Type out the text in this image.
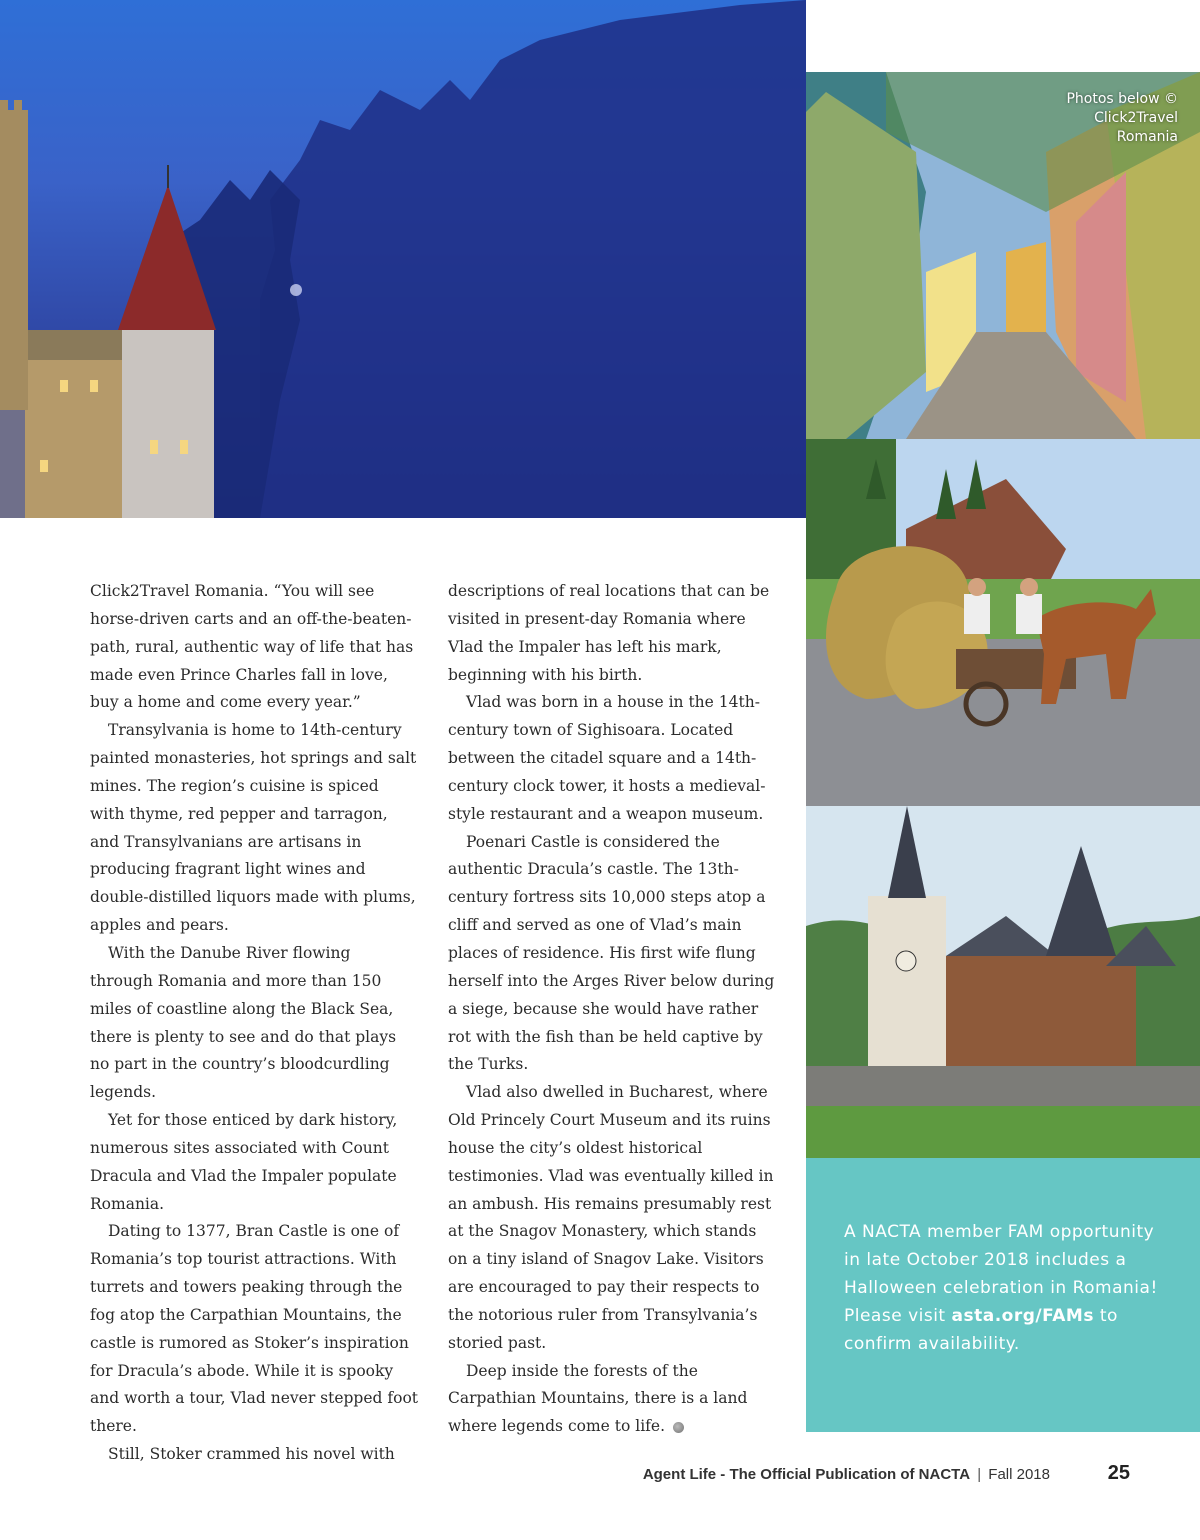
Photos below © Click2Travel Romania

Click2Travel Romania. “You will see horse-driven carts and an off-the-beaten-path, rural, authentic way of life that has made even Prince Charles fall in love, buy a home and come every year.”

Transylvania is home to 14th-century painted monasteries, hot springs and salt mines. The region’s cuisine is spiced with thyme, red pepper and tarragon, and Transylvanians are artisans in producing fragrant light wines and double-distilled liquors made with plums, apples and pears.

With the Danube River flowing through Romania and more than 150 miles of coastline along the Black Sea, there is plenty to see and do that plays no part in the country’s bloodcurdling legends.

Yet for those enticed by dark history, numerous sites associated with Count Dracula and Vlad the Impaler populate Romania.

Dating to 1377, Bran Castle is one of Romania’s top tourist attractions. With turrets and towers peaking through the fog atop the Carpathian Mountains, the castle is rumored as Stoker’s inspiration for Dracula’s abode. While it is spooky and worth a tour, Vlad never stepped foot there.

Still, Stoker crammed his novel with

descriptions of real locations that can be visited in present-day Romania where Vlad the Impaler has left his mark, beginning with his birth.

Vlad was born in a house in the 14th-century town of Sighisoara. Located between the citadel square and a 14th-century clock tower, it hosts a medieval-style restaurant and a weapon museum.

Poenari Castle is considered the authentic Dracula’s castle. The 13th-century fortress sits 10,000 steps atop a cliff and served as one of Vlad’s main places of residence. His first wife flung herself into the Arges River below during a siege, because she would have rather rot with the fish than be held captive by the Turks.

Vlad also dwelled in Bucharest, where Old Princely Court Museum and its ruins house the city’s oldest historical testimonies. Vlad was eventually killed in an ambush. His remains presumably rest at the Snagov Monastery, which stands on a tiny island of Snagov Lake. Visitors are encouraged to pay their respects to the notorious ruler from Transylvania’s storied past.

Deep inside the forests of the Carpathian Mountains, there is a land where legends come to life.

A NACTA member FAM opportunity in late October 2018 includes a Halloween celebration in Romania! Please visit asta.org/FAMs to confirm availability.
Agent Life - The Official Publication of NACTA | Fall 2018	25
